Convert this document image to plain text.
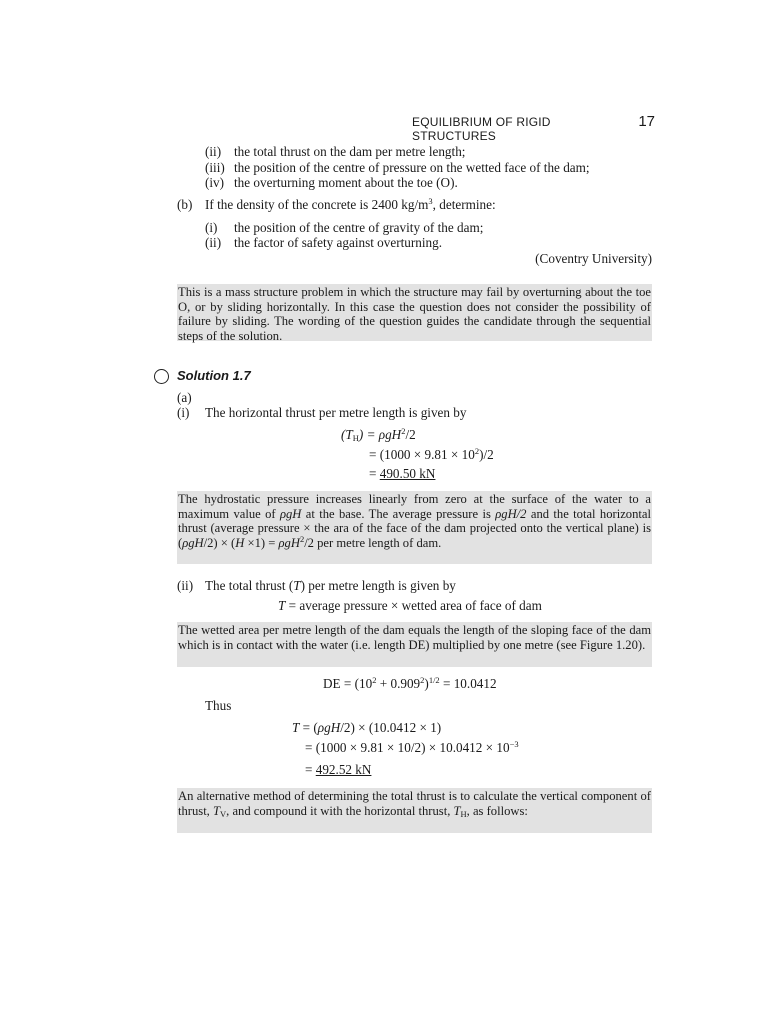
EQUILIBRIUM OF RIGID STRUCTURES
17
(ii) the total thrust on the dam per metre length;
(iii) the position of the centre of pressure on the wetted face of the dam;
(iv) the overturning moment about the toe (O).
(b) If the density of the concrete is 2400 $kg/m^3$, determine:
(i) the position of the centre of gravity of the dam;
(ii) the factor of safety against overturning.
(Coventry University)

This is a mass structure problem in which the structure may fail by overturning about the toe O, or by sliding horizontally. In this case the question does not consider the possibility of failure by sliding. The wording of the question guides the candidate through the sequential steps of the solution.

Solution 1.7
(a)
(i) The horizontal thrust per metre length is given by
$(T_H) = \rho gH^2/2$
= $(1000 \times 9.81 \times 10^2)/2$
= 490.50 kN

The hydrostatic pressure increases linearly from zero at the surface of the water to a maximum value of ρgH at the base. The average pressure is ρgH/2 and the total horizontal thrust (average pressure × the ara of the face of the dam projected onto the vertical plane) is (ρgH/2) × (H ×1) = ρgH$^2$/2 per metre length of dam.

(ii) The total thrust (T) per metre length is given by
T = average pressure × wetted area of face of dam

The wetted area per metre length of the dam equals the length of the sloping face of the dam which is in contact with the water (i.e. length DE) multiplied by one metre (see Figure 1.20).

DE = $(10^2 + 0.909^2)^{1/2} = 10.0412$
Thus
T = (ρgH/2) × (10.0412 × 1)
= $(1000 \times 9.81 \times 10/2) \times 10.0412 \times 10^{-3}$
= 492.52 kN

An alternative method of determining the total thrust is to calculate the vertical component of thrust, $T_V$, and compound it with the horizontal thrust, $T_H$, as follows:
